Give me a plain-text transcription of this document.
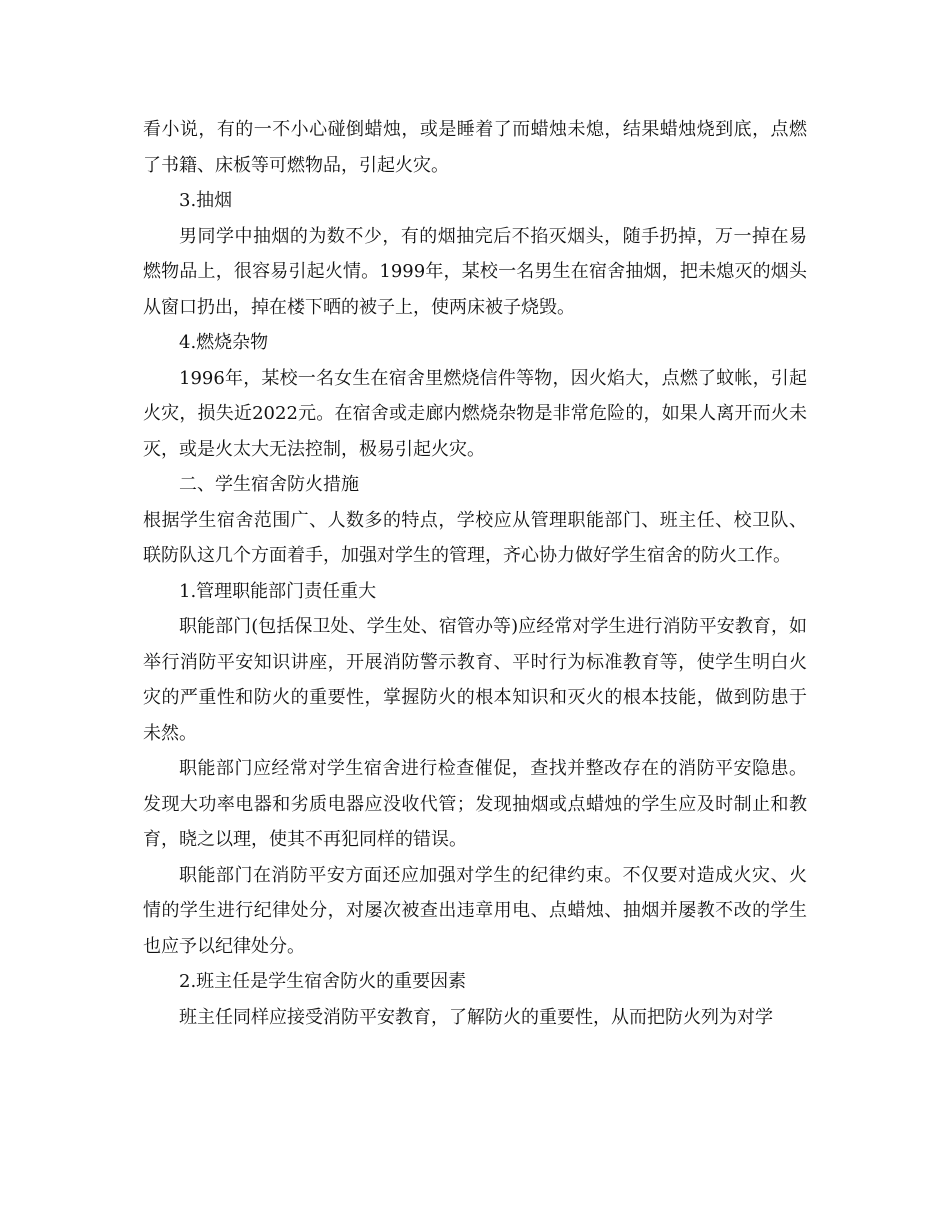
看小说，有的一不小心碰倒蜡烛，或是睡着了而蜡烛未熄，结果蜡烛烧到底，点燃了书籍、床板等可燃物品，引起火灾。

3.抽烟

男同学中抽烟的为数不少，有的烟抽完后不掐灭烟头，随手扔掉，万一掉在易燃物品上，很容易引起火情。1999年，某校一名男生在宿舍抽烟，把未熄灭的烟头从窗口扔出，掉在楼下晒的被子上，使两床被子烧毁。

4.燃烧杂物

1996年，某校一名女生在宿舍里燃烧信件等物，因火焰大，点燃了蚊帐，引起火灾，损失近2022元。在宿舍或走廊内燃烧杂物是非常危险的，如果人离开而火未灭，或是火太大无法控制，极易引起火灾。

二、学生宿舍防火措施

根据学生宿舍范围广、人数多的特点，学校应从管理职能部门、班主任、校卫队、联防队这几个方面着手，加强对学生的管理，齐心协力做好学生宿舍的防火工作。

1.管理职能部门责任重大

职能部门(包括保卫处、学生处、宿管办等)应经常对学生进行消防平安教育，如举行消防平安知识讲座，开展消防警示教育、平时行为标准教育等，使学生明白火灾的严重性和防火的重要性，掌握防火的根本知识和灭火的根本技能，做到防患于未然。

职能部门应经常对学生宿舍进行检查催促，查找并整改存在的消防平安隐患。发现大功率电器和劣质电器应没收代管；发现抽烟或点蜡烛的学生应及时制止和教育，晓之以理，使其不再犯同样的错误。

职能部门在消防平安方面还应加强对学生的纪律约束。不仅要对造成火灾、火情的学生进行纪律处分，对屡次被查出违章用电、点蜡烛、抽烟并屡教不改的学生也应予以纪律处分。

2.班主任是学生宿舍防火的重要因素

班主任同样应接受消防平安教育，了解防火的重要性，从而把防火列为对学
